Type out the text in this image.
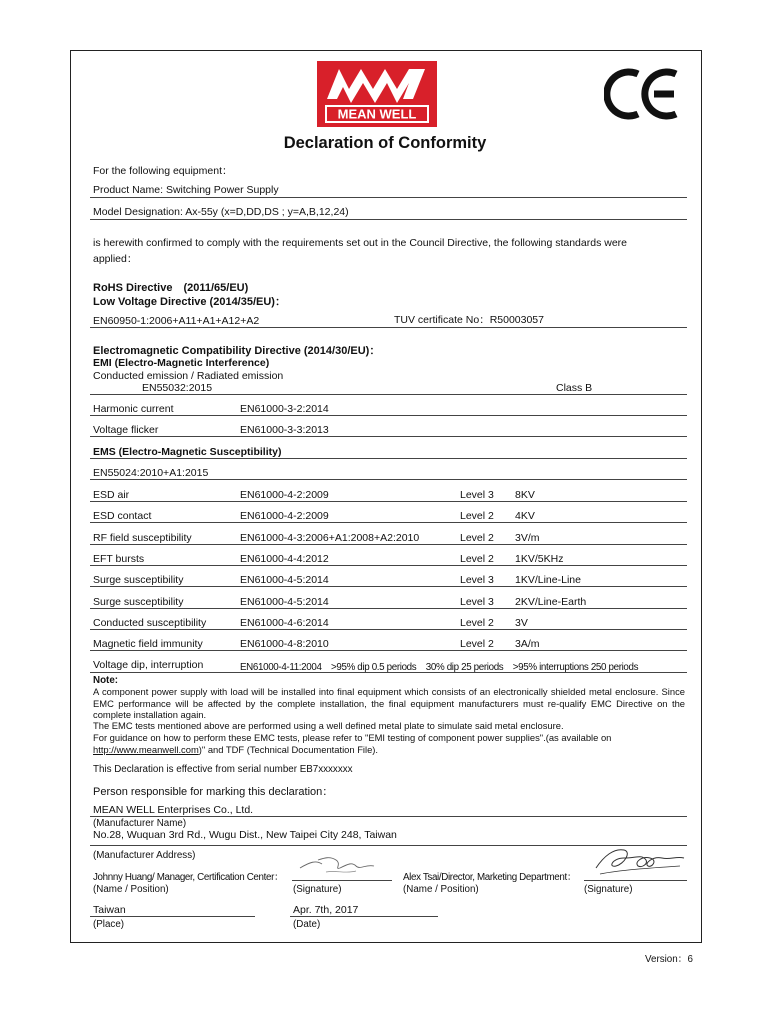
MEAN WELL
Declaration of Conformity
For the following equipment：
Product Name: Switching Power Supply
Model Designation: Ax-55y (x=D,DD,DS ; y=A,B,12,24)
is herewith confirmed to comply with the requirements set out in the Council Directive, the following standards were
applied：
RoHS Directive　(2011/65/EU)
Low Voltage Directive (2014/35/EU)：
EN60950-1:2006+A11+A1+A12+A2	TUV certificate No：R50003057
Electromagnetic Compatibility Directive (2014/30/EU)：
EMI (Electro-Magnetic Interference)
Conducted emission / Radiated emission
EN55032:2015	Class B
Harmonic current	EN61000-3-2:2014
Voltage flicker	EN61000-3-3:2013
EMS (Electro-Magnetic Susceptibility)
EN55024:2010+A1:2015
ESD air	EN61000-4-2:2009	Level 3 8KV
ESD contact	EN61000-4-2:2009	Level 2 4KV
RF field susceptibility	EN61000-4-3:2006+A1:2008+A2:2010	Level 2 3V/m
EFT bursts	EN61000-4-4:2012	Level 2 1KV/5KHz
Surge susceptibility	EN61000-4-5:2014	Level 3 1KV/Line-Line
Surge susceptibility	EN61000-4-5:2014	Level 3 2KV/Line-Earth
Conducted susceptibility	EN61000-4-6:2014	Level 2 3V
Magnetic field immunity	EN61000-4-8:2010	Level 2 3A/m
Voltage dip, interruption	EN61000-4-11:2004　>95% dip 0.5 periods　30% dip 25 periods　>95% interruptions 250 periods
Note:
A component power supply with load will be installed into final equipment which consists of an electronically shielded metal enclosure. Since EMC performance will be affected by the complete installation, the final equipment manufacturers must re-qualify EMC Directive on the complete installation again.
The EMC tests mentioned above are performed using a well defined metal plate to simulate said metal enclosure.
For guidance on how to perform these EMC tests, please refer to "EMI testing of component power supplies".(as available on
http://www.meanwell.com)" and TDF (Technical Documentation File).
This Declaration is effective from serial number EB7xxxxxxx
Person responsible for marking this declaration：
MEAN WELL Enterprises Co., Ltd.
(Manufacturer Name)
No.28, Wuquan 3rd Rd., Wugu Dist., New Taipei City 248, Taiwan
(Manufacturer Address)
Johnny Huang/ Manager, Certification Center：	Alex Tsai/Director, Marketing Department：
(Name / Position)	(Signature)	(Name / Position)	(Signature)
Taiwan
(Place)
Apr. 7th, 2017
(Date)
Version：6
